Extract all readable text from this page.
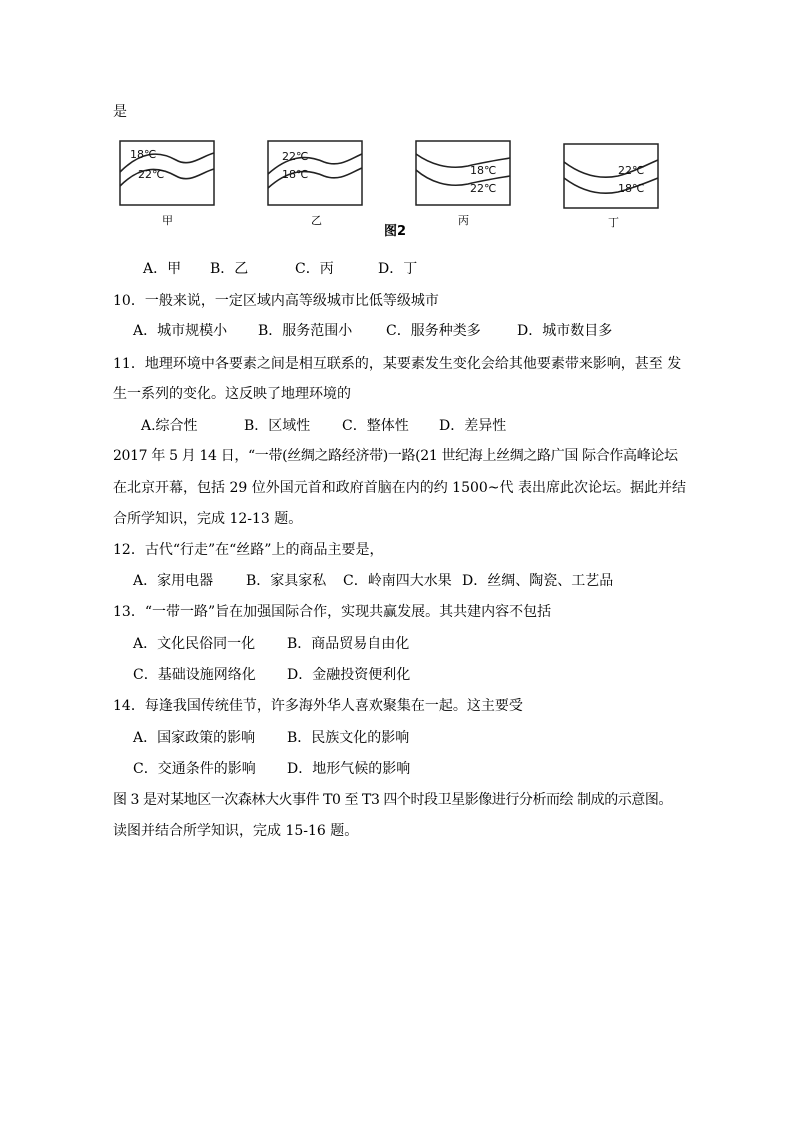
是
18℃
22℃
22℃
18℃	18℃
22℃
22℃
18℃
甲	乙	丙	丁
图2
A．甲 B．乙	C．丙	D．丁
10．一般来说，一定区域内高等级城市比低等级城市
A．城市规模小 B．服务范围小 C．服务种类多	D．城市数目多
11．地理环境中各要素之间是相互联系的，某要素发生变化会给其他要素带来影响，甚至 发
生一系列的变化。这反映了地理环境的
A.综合性	B．区域性 C．整体性 D．差异性
2017 年 5 月 14 日，“一带(丝绸之路经济带)一路(21 世纪海上丝绸之路广国 际合作高峰论坛
在北京开幕，包括 29 位外国元首和政府首脑在内的约 1500~代 表出席此次论坛。据此并结
合所学知识，完成 12-13 题。
12．古代“行走”在“丝路”上的商品主要是，
A．家用电器 B．家具家私 C．岭南四大水果 D．丝绸、陶瓷、工艺品
13．“一带一路”旨在加强国际合作，实现共赢发展。其共建内容不包括
A．文化民俗同一化 B．商品贸易自由化
C．基础设施网络化 D．金融投资便利化
14．每逢我国传统佳节，许多海外华人喜欢聚集在一起。这主要受
A．国家政策的影响 B．民族文化的影响
C．交通条件的影响 D．地形气候的影响
图 3 是对某地区一次森林大火事件 T0 至 T3 四个时段卫星影像进行分析而绘 制成的示意图。
读图并结合所学知识，完成 15-16 题。
